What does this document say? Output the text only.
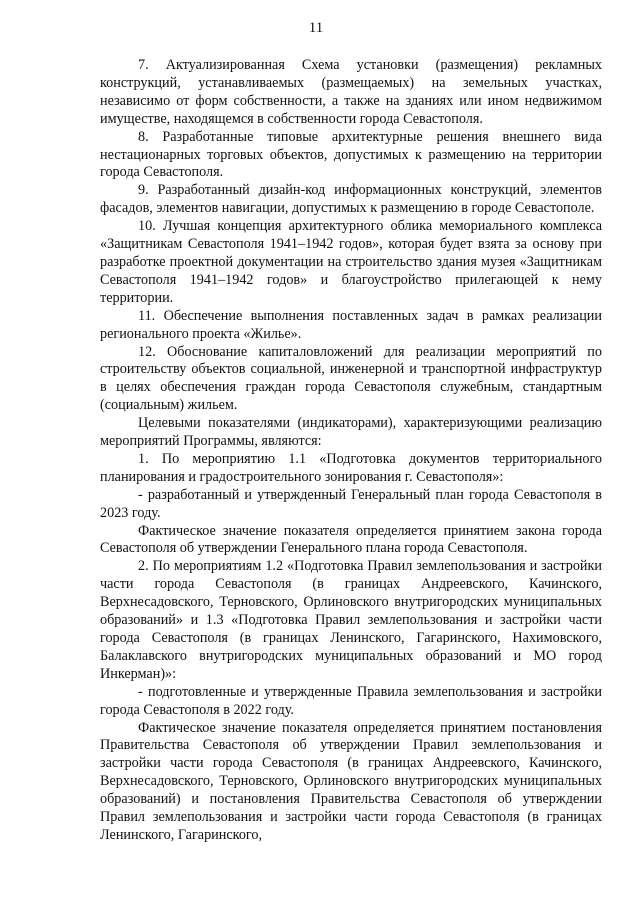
11

7. Актуализированная Схема установки (размещения) рекламных конструкций, устанавливаемых (размещаемых) на земельных участках, независимо от форм собственности, а также на зданиях или ином недвижимом имуществе, находящемся в собственности города Севастополя.

8. Разработанные типовые архитектурные решения внешнего вида нестационарных торговых объектов, допустимых к размещению на территории города Севастополя.

9. Разработанный дизайн-код информационных конструкций, элементов фасадов, элементов навигации, допустимых к размещению в городе Севастополе.

10. Лучшая концепция архитектурного облика мемориального комплекса «Защитникам Севастополя 1941–1942 годов», которая будет взята за основу при разработке проектной документации на строительство здания музея «Защитникам Севастополя 1941–1942 годов» и благоустройство прилегающей к нему территории.

11. Обеспечение выполнения поставленных задач в рамках реализации регионального проекта «Жилье».

12. Обоснование капиталовложений для реализации мероприятий по строительству объектов социальной, инженерной и транспортной инфраструктур в целях обеспечения граждан города Севастополя служебным, стандартным (социальным) жильем.

Целевыми показателями (индикаторами), характеризующими реализацию мероприятий Программы, являются:

1. По мероприятию 1.1 «Подготовка документов территориального планирования и градостроительного зонирования г. Севастополя»:

- разработанный и утвержденный Генеральный план города Севастополя в 2023 году.

Фактическое значение показателя определяется принятием закона города Севастополя об утверждении Генерального плана города Севастополя.

2. По мероприятиям 1.2 «Подготовка Правил землепользования и застройки части города Севастополя (в границах Андреевского, Качинского, Верхнесадовского, Терновского, Орлиновского внутригородских муниципальных образований» и 1.3 «Подготовка Правил землепользования и застройки части города Севастополя (в границах Ленинского, Гагаринского, Нахимовского, Балаклавского внутригородских муниципальных образований и МО город Инкерман)»:

- подготовленные и утвержденные Правила землепользования и застройки города Севастополя в 2022 году.

Фактическое значение показателя определяется принятием постановления Правительства Севастополя об утверждении Правил землепользования и застройки части города Севастополя (в границах Андреевского, Качинского, Верхнесадовского, Терновского, Орлиновского внутригородских муниципальных образований) и постановления Правительства Севастополя об утверждении Правил землепользования и застройки части города Севастополя (в границах Ленинского, Гагаринского,
